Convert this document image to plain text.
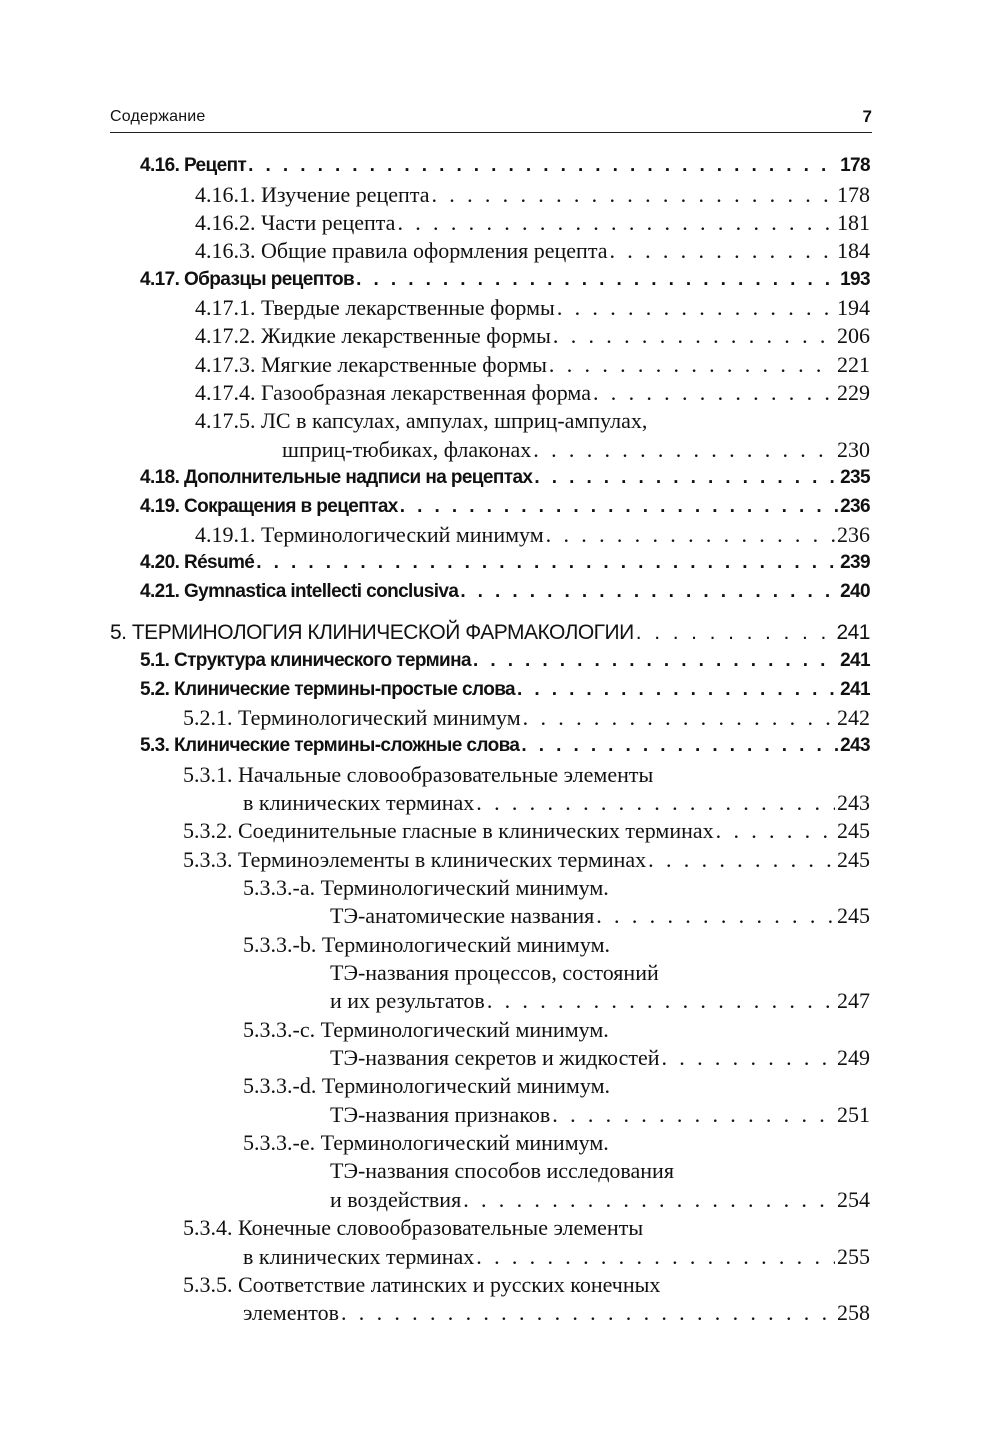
Содержание	7
4.16. Рецепт . . .	178
4.16.1. Изучение рецепта . . .	178
4.16.2. Части рецепта . . .	181
4.16.3. Общие правила оформления рецепта . . .	184
4.17. Образцы рецептов . . .	193
4.17.1. Твердые лекарственные формы . . .	194
4.17.2. Жидкие лекарственные формы . . .	206
4.17.3. Мягкие лекарственные формы . . .	221
4.17.4. Газообразная лекарственная форма . . .	229
4.17.5. ЛС в капсулах, ампулах, шприц-ампулах,
шприц-тюбиках, флаконах . . .	230
4.18. Дополнительные надписи на рецептах . . .	235
4.19. Сокращения в рецептах . . .	236
4.19.1. Терминологический минимум . . .	236
4.20. Résumé . . .	239
4.21. Gymnastica intellecti conclusiva . . .	240
5. ТЕРМИНОЛОГИЯ КЛИНИЧЕСКОЙ ФАРМАКОЛОГИИ . . .	241
5.1. Структура клинического термина . . .	241
5.2. Клинические термины-простые слова . . .	241
5.2.1. Терминологический минимум . . .	242
5.3. Клинические термины-сложные слова . . .	243
5.3.1. Начальные словообразовательные элементы
в клинических терминах . . .	243
5.3.2. Соединительные гласные в клинических терминах . . .	245
5.3.3. Терминоэлементы в клинических терминах . . .	245
5.3.3.-a. Терминологический минимум.
ТЭ-анатомические названия . . .	245
5.3.3.-b. Терминологический минимум.
ТЭ-названия процессов, состояний
и их результатов . . .	247
5.3.3.-c. Терминологический минимум.
ТЭ-названия секретов и жидкостей . . .	249
5.3.3.-d. Терминологический минимум.
ТЭ-названия признаков . . .	251
5.3.3.-e. Терминологический минимум.
ТЭ-названия способов исследования
и воздействия . . .	254
5.3.4. Конечные словообразовательные элементы
в клинических терминах . . .	255
5.3.5. Соответствие латинских и русских конечных
элементов . . .	258
